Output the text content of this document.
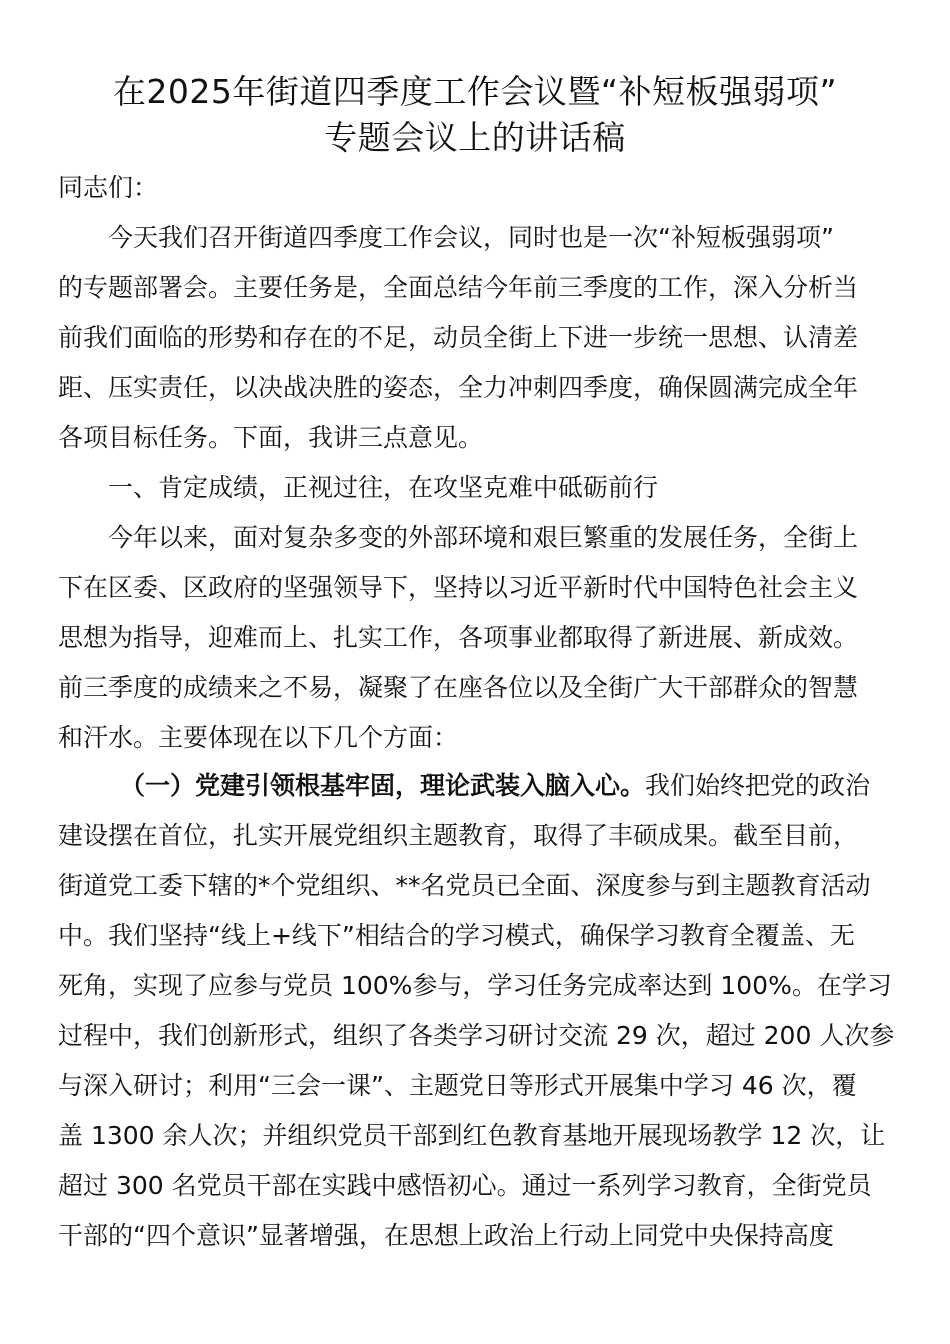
在2025年街道四季度工作会议暨“补短板强弱项”
专题会议上的讲话稿

同志们：

今天我们召开街道四季度工作会议，同时也是一次“补短板强弱项”

的专题部署会。主要任务是，全面总结今年前三季度的工作，深入分析当

前我们面临的形势和存在的不足，动员全街上下进一步统一思想、认清差

距、压实责任，以决战决胜的姿态，全力冲刺四季度，确保圆满完成全年

各项目标任务。下面，我讲三点意见。

一、肯定成绩，正视过往，在攻坚克难中砥砺前行

今年以来，面对复杂多变的外部环境和艰巨繁重的发展任务，全街上

下在区委、区政府的坚强领导下，坚持以习近平新时代中国特色社会主义

思想为指导，迎难而上、扎实工作，各项事业都取得了新进展、新成效。

前三季度的成绩来之不易，凝聚了在座各位以及全街广大干部群众的智慧

和汗水。主要体现在以下几个方面：

（一）党建引领根基牢固，理论武装入脑入心。我们始终把党的政治

建设摆在首位，扎实开展党组织主题教育，取得了丰硕成果。截至目前，

街道党工委下辖的*个党组织、**名党员已全面、深度参与到主题教育活动

中。我们坚持“线上+线下”相结合的学习模式，确保学习教育全覆盖、无

死角，实现了应参与党员 100%参与，学习任务完成率达到 100%。在学习

过程中，我们创新形式，组织了各类学习研讨交流 29 次，超过 200 人次参

与深入研讨；利用“三会一课”、主题党日等形式开展集中学习 46 次，覆

盖 1300 余人次；并组织党员干部到红色教育基地开展现场教学 12 次，让

超过 300 名党员干部在实践中感悟初心。通过一系列学习教育，全街党员

干部的“四个意识”显著增强，在思想上政治上行动上同党中央保持高度
